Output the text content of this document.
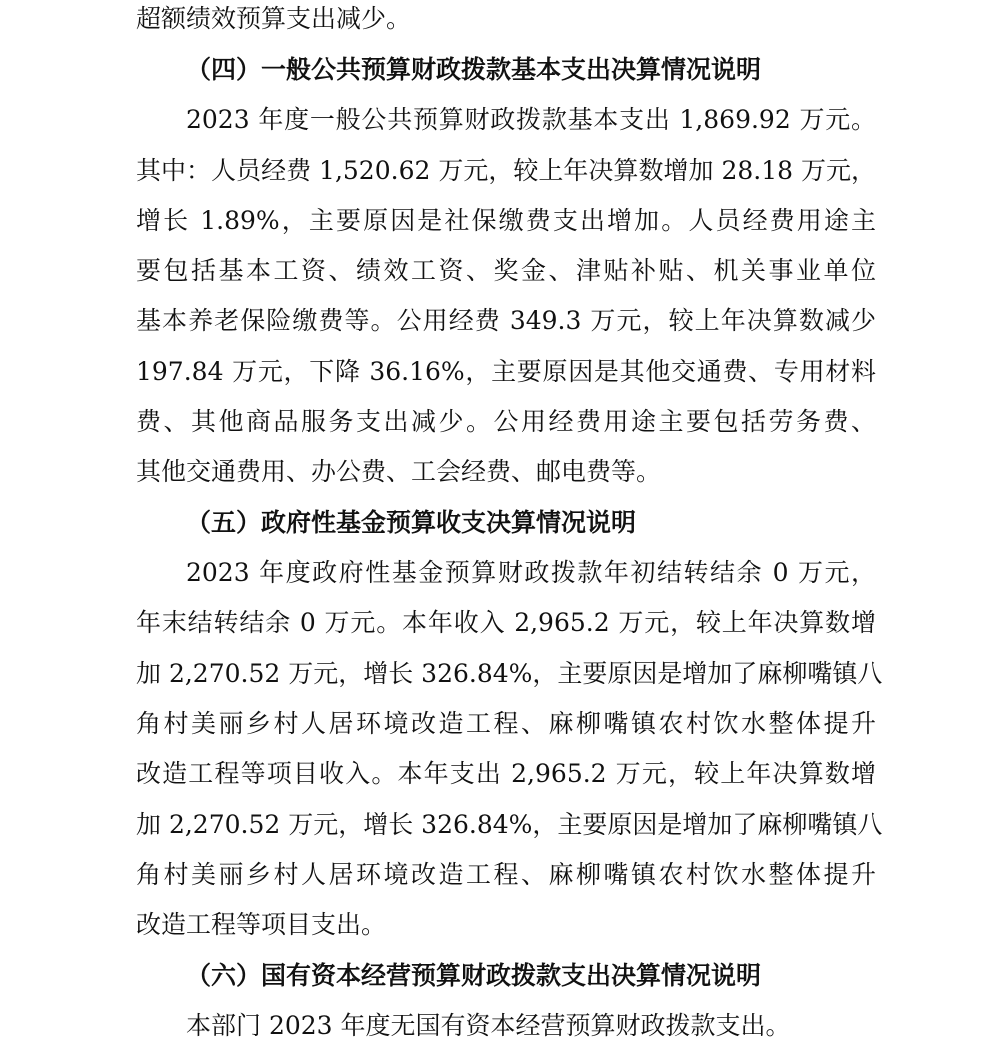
超额绩效预算支出减少。
（四）一般公共预算财政拨款基本支出决算情况说明
2023 年度一般公共预算财政拨款基本支出 1,869.92 万元。
其中：人员经费 1,520.62 万元，较上年决算数增加 28.18 万元，
增长 1.89%，主要原因是社保缴费支出增加。人员经费用途主
要包括基本工资、绩效工资、奖金、津贴补贴、机关事业单位
基本养老保险缴费等。公用经费 349.3 万元，较上年决算数减少
197.84 万元，下降 36.16%，主要原因是其他交通费、专用材料
费、其他商品服务支出减少。公用经费用途主要包括劳务费、
其他交通费用、办公费、工会经费、邮电费等。
（五）政府性基金预算收支决算情况说明
2023 年度政府性基金预算财政拨款年初结转结余 0 万元，
年末结转结余 0 万元。本年收入 2,965.2 万元，较上年决算数增
加 2,270.52 万元，增长 326.84%，主要原因是增加了麻柳嘴镇八
角村美丽乡村人居环境改造工程、麻柳嘴镇农村饮水整体提升
改造工程等项目收入。本年支出 2,965.2 万元，较上年决算数增
加 2,270.52 万元，增长 326.84%，主要原因是增加了麻柳嘴镇八
角村美丽乡村人居环境改造工程、麻柳嘴镇农村饮水整体提升
改造工程等项目支出。
（六）国有资本经营预算财政拨款支出决算情况说明
本部门 2023 年度无国有资本经营预算财政拨款支出。
